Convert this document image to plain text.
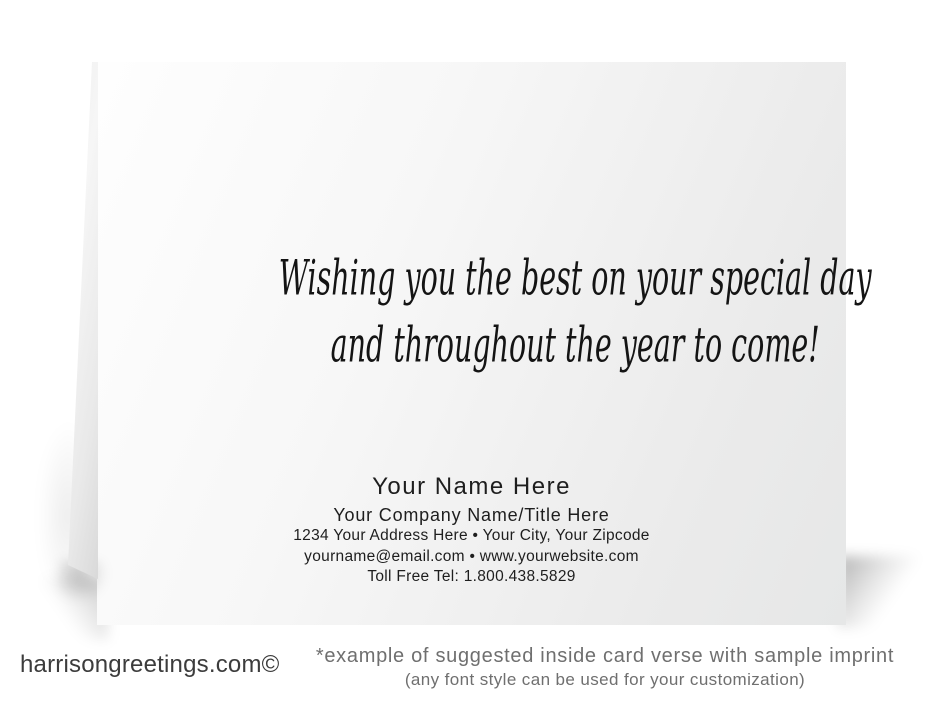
Wishing you the best on your special day
and throughout the year to come!
Your Name Here
Your Company Name/Title Here
1234 Your Address Here • Your City, Your Zipcode
yourname@email.com • www.yourwebsite.com
Toll Free Tel: 1.800.438.5829
harrisongreetings.com©	*example of suggested inside card verse with sample imprint
(any font style can be used for your customization)
